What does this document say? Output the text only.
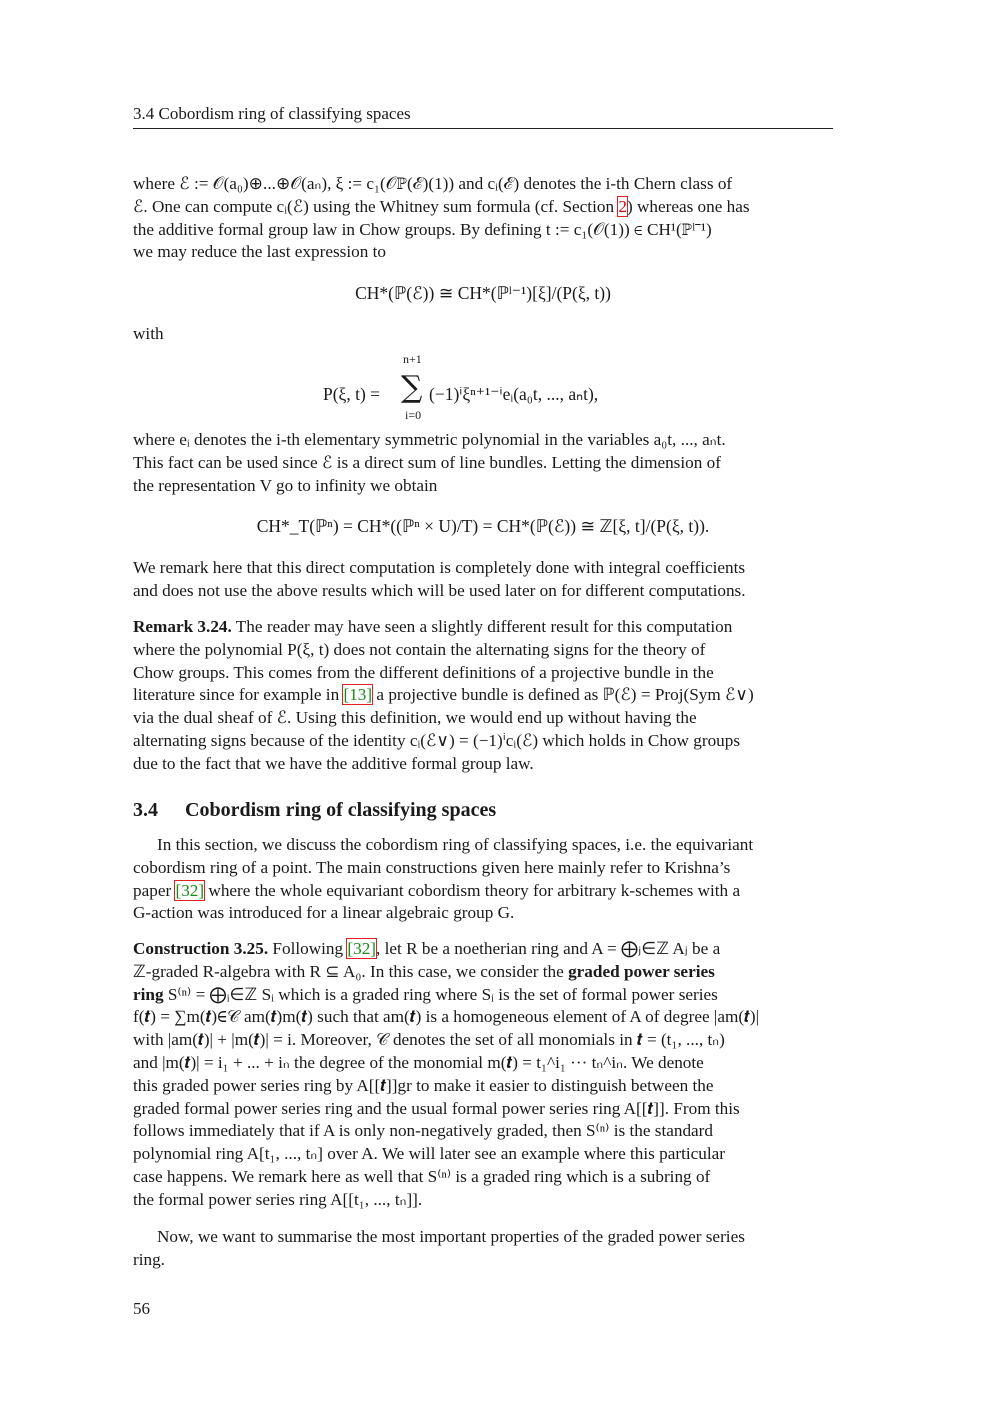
3.4 Cobordism ring of classifying spaces
where ℰ := 𝒪(a₀)⊕...⊕𝒪(aₙ), ξ := c₁(𝒪ℙ(ℰ)(1)) and cᵢ(ℰ) denotes the i-th Chern class of
ℰ. One can compute cᵢ(ℰ) using the Whitney sum formula (cf. Section 2) whereas one has
the additive formal group law in Chow groups. By defining t := c₁(𝒪(1)) ∈ CH¹(ℙˡ⁻¹)
we may reduce the last expression to
CH*(ℙ(ℰ)) ≅ CH*(ℙˡ⁻¹)[ξ]/(P(ξ, t))
with
P(ξ, t) =
n+1
∑
i=0
(−1)ⁱξⁿ⁺¹⁻ⁱeᵢ(a₀t, ..., aₙt),
where eᵢ denotes the i-th elementary symmetric polynomial in the variables a₀t, ..., aₙt.
This fact can be used since ℰ is a direct sum of line bundles. Letting the dimension of
the representation V go to infinity we obtain
CH*_T(ℙⁿ) = CH*((ℙⁿ × U)/T) = CH*(ℙ(ℰ)) ≅ ℤ[ξ, t]/(P(ξ, t)).
We remark here that this direct computation is completely done with integral coefficients
and does not use the above results which will be used later on for different computations.
Remark 3.24. The reader may have seen a slightly different result for this computation
where the polynomial P(ξ, t) does not contain the alternating signs for the theory of
Chow groups. This comes from the different definitions of a projective bundle in the
literature since for example in [13] a projective bundle is defined as ℙ(ℰ) = Proj(Sym ℰ∨)
via the dual sheaf of ℰ. Using this definition, we would end up without having the
alternating signs because of the identity cᵢ(ℰ∨) = (−1)ⁱcᵢ(ℰ) which holds in Chow groups
due to the fact that we have the additive formal group law.
3.4 Cobordism ring of classifying spaces
In this section, we discuss the cobordism ring of classifying spaces, i.e. the equivariant
cobordism ring of a point. The main constructions given here mainly refer to Krishna’s
paper [32] where the whole equivariant cobordism theory for arbitrary k-schemes with a
G-action was introduced for a linear algebraic group G.
Construction 3.25. Following [32], let R be a noetherian ring and A = ⨁ⱼ∈ℤ Aⱼ be a
ℤ-graded R-algebra with R ⊆ A₀. In this case, we consider the graded power series
ring S⁽ⁿ⁾ = ⨁ᵢ∈ℤ Sᵢ which is a graded ring where Sᵢ is the set of formal power series
f(𝒕) = ∑m(𝒕)∈𝒞 am(𝒕)m(𝒕) such that am(𝒕) is a homogeneous element of A of degree |am(𝒕)|
with |am(𝒕)| + |m(𝒕)| = i. Moreover, 𝒞 denotes the set of all monomials in 𝒕 = (t₁, ..., tₙ)
and |m(𝒕)| = i₁ + ... + iₙ the degree of the monomial m(𝒕) = t₁^i₁ ··· tₙ^iₙ. We denote
this graded power series ring by A[[𝒕]]gr to make it easier to distinguish between the
graded formal power series ring and the usual formal power series ring A[[𝒕]]. From this
follows immediately that if A is only non-negatively graded, then S⁽ⁿ⁾ is the standard
polynomial ring A[t₁, ..., tₙ] over A. We will later see an example where this particular
case happens. We remark here as well that S⁽ⁿ⁾ is a graded ring which is a subring of
the formal power series ring A[[t₁, ..., tₙ]].
Now, we want to summarise the most important properties of the graded power series
ring.
56
